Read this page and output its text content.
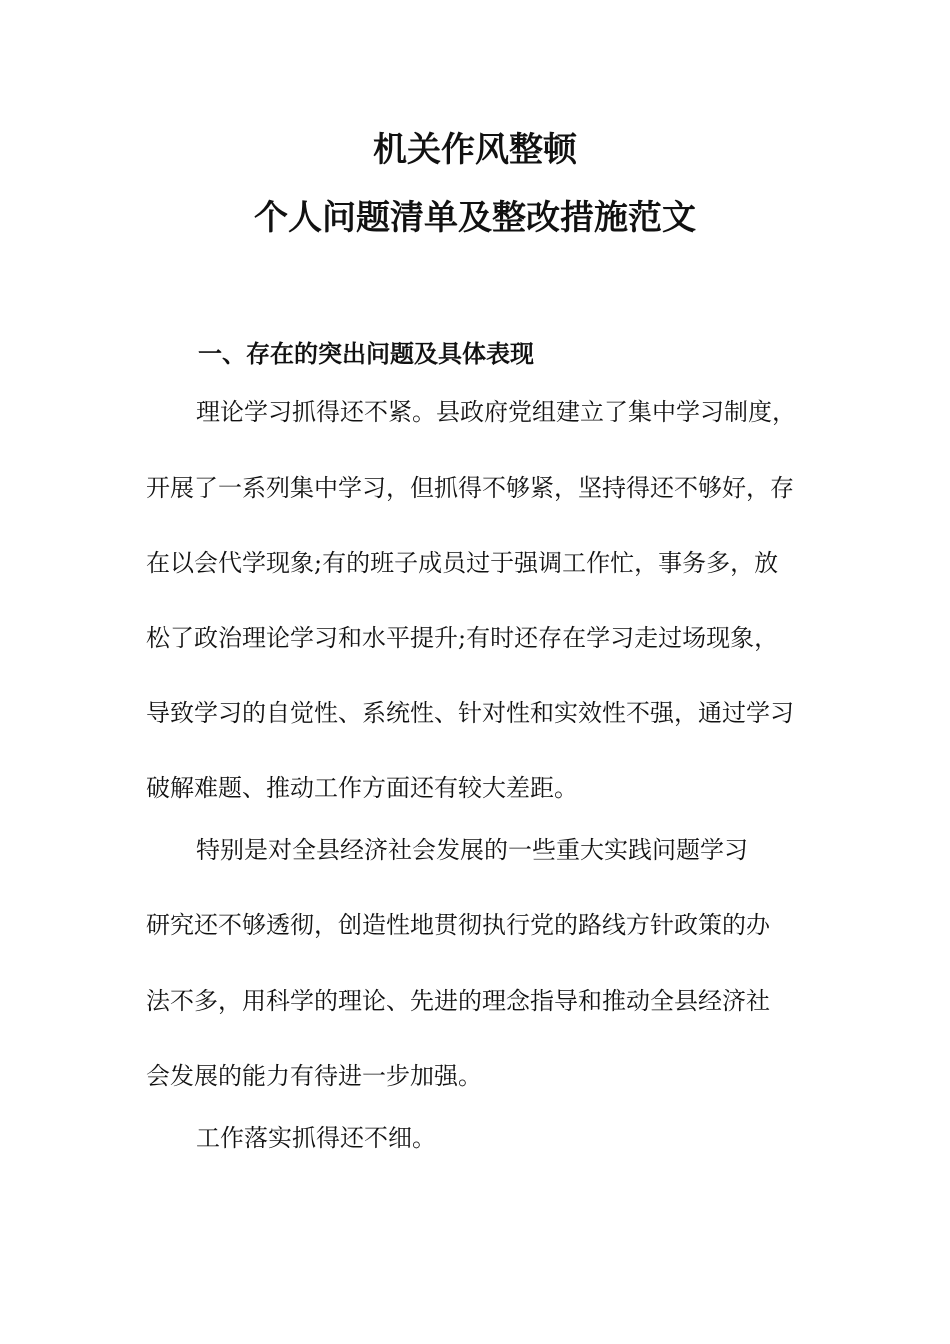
机关作风整顿
个人问题清单及整改措施范文
一、存在的突出问题及具体表现
理论学习抓得还不紧。县政府党组建立了集中学习制度，
开展了一系列集中学习，但抓得不够紧，坚持得还不够好，存
在以会代学现象;有的班子成员过于强调工作忙，事务多，放
松了政治理论学习和水平提升;有时还存在学习走过场现象，
导致学习的自觉性、系统性、针对性和实效性不强，通过学习
破解难题、推动工作方面还有较大差距。
特别是对全县经济社会发展的一些重大实践问题学习
研究还不够透彻，创造性地贯彻执行党的路线方针政策的办
法不多，用科学的理论、先进的理念指导和推动全县经济社
会发展的能力有待进一步加强。
工作落实抓得还不细。
